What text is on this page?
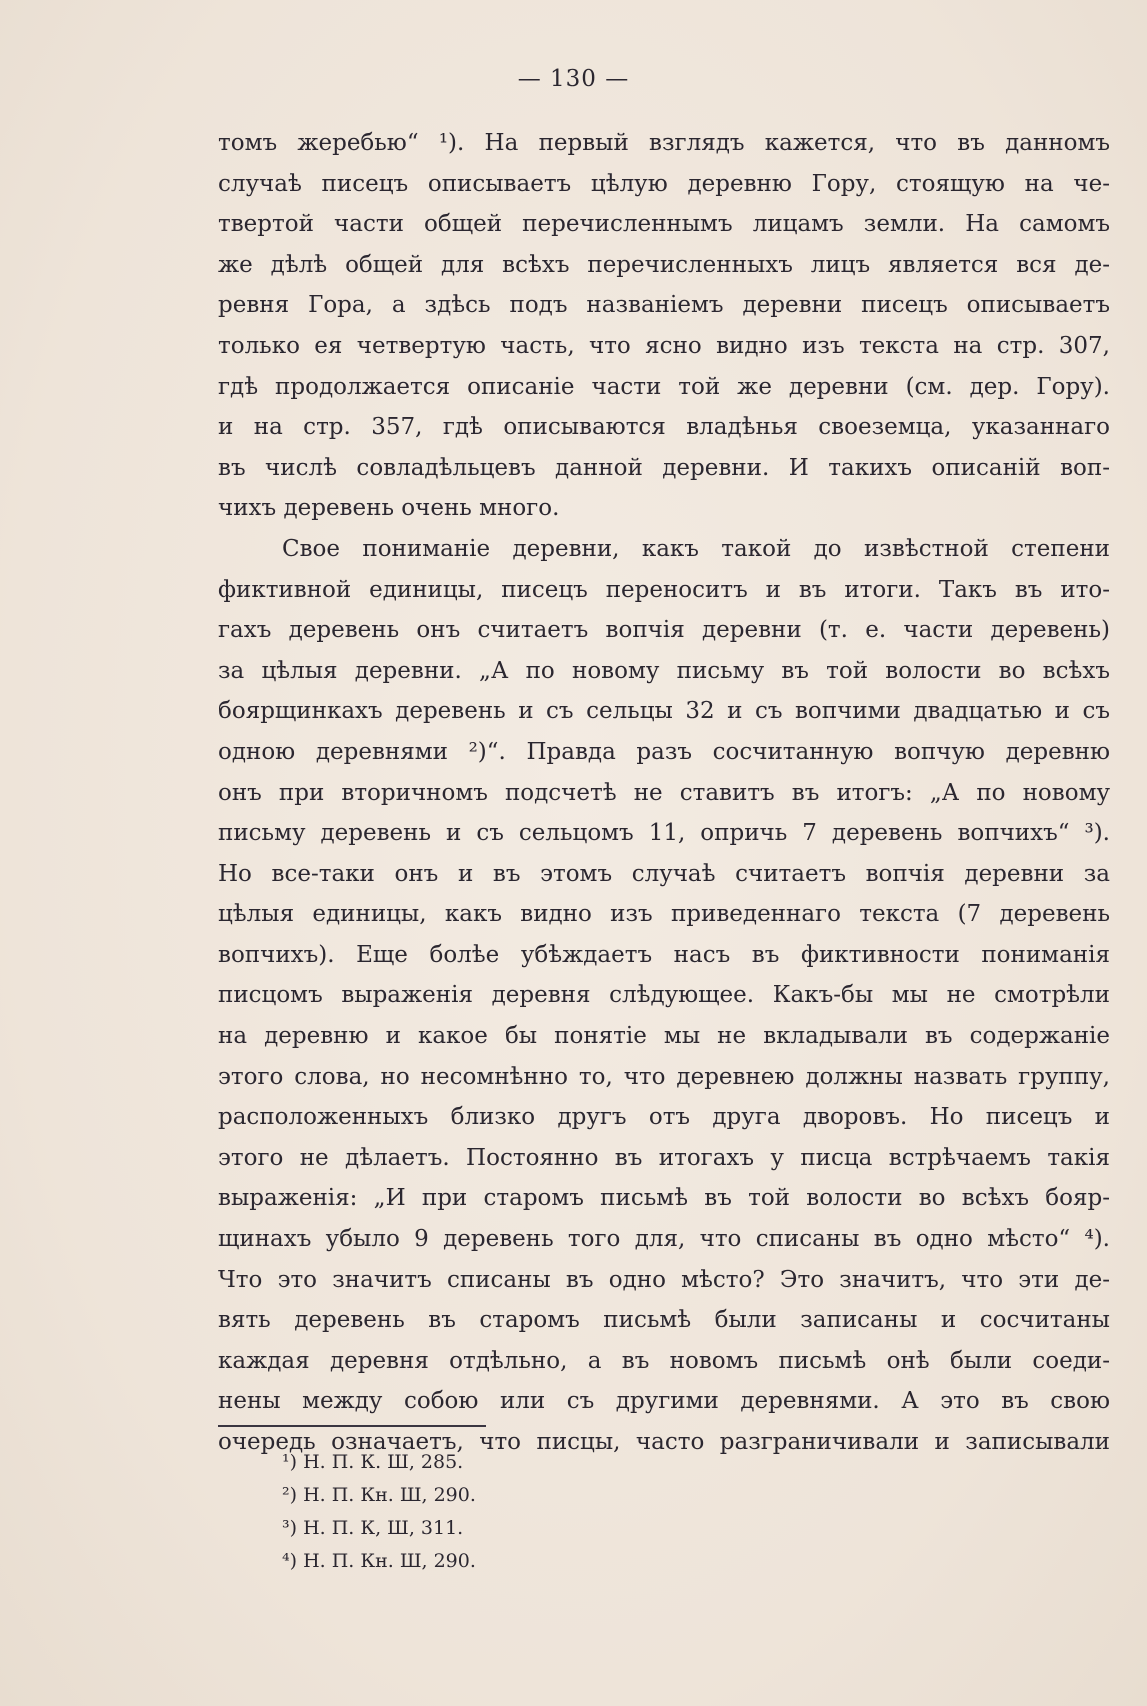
— 130 —
томъ жеребью“ ¹). На первый взглядъ кажется, что въ данномъ
случаѣ писецъ описываетъ цѣлую деревню Гору, стоящую на че-
твертой части общей перечисленнымъ лицамъ земли. На самомъ
же дѣлѣ общей для всѣхъ перечисленныхъ лицъ является вся де-
ревня Гора, а здѣсь подъ названіемъ деревни писецъ описываетъ
только ея четвертую часть, что ясно видно изъ текста на стр. 307,
гдѣ продолжается описаніе части той же деревни (см. дер. Гору).
и на стр. 357, гдѣ описываются владѣнья своеземца, указаннаго
въ числѣ совладѣльцевъ данной деревни. И такихъ описаній воп-
чихъ деревень очень много.
Свое пониманіе деревни, какъ такой до извѣстной степени
фиктивной единицы, писецъ переноситъ и въ итоги. Такъ въ ито-
гахъ деревень онъ считаетъ вопчія деревни (т. е. части деревень)
за цѣлыя деревни. „А по новому письму въ той волости во всѣхъ
боярщинкахъ деревень и съ сельцы 32 и съ вопчими двадцатью и съ
одною деревнями ²)“. Правда разъ сосчитанную вопчую деревню
онъ при вторичномъ подсчетѣ не ставитъ въ итогъ: „А по новому
письму деревень и съ сельцомъ 11, опричь 7 деревень вопчихъ“ ³).
Но все-таки онъ и въ этомъ случаѣ считаетъ вопчія деревни за
цѣлыя единицы, какъ видно изъ приведеннаго текста (7 деревень
вопчихъ). Еще болѣе убѣждаетъ насъ въ фиктивности пониманія
писцомъ выраженія деревня слѣдующее. Какъ-бы мы не смотрѣли
на деревню и какое бы понятіе мы не вкладывали въ содержаніе
этого слова, но несомнѣнно то, что деревнею должны назвать группу,
расположенныхъ близко другъ отъ друга дворовъ. Но писецъ и
этого не дѣлаетъ. Постоянно въ итогахъ у писца встрѣчаемъ такія
выраженія: „И при старомъ письмѣ въ той волости во всѣхъ бояр-
щинахъ убыло 9 деревень того для, что списаны въ одно мѣсто“ ⁴).
Что это значитъ списаны въ одно мѣсто? Это значитъ, что эти де-
вять деревень въ старомъ письмѣ были записаны и сосчитаны
каждая деревня отдѣльно, а въ новомъ письмѣ онѣ были соеди-
нены между собою или съ другими деревнями. А это въ свою
очередь означаетъ, что писцы, часто разграничивали и записывали
¹) Н. П. К. Ш, 285.
²) Н. П. Кн. Ш, 290.
³) Н. П. К, Ш, 311.
⁴) Н. П. Кн. Ш, 290.
